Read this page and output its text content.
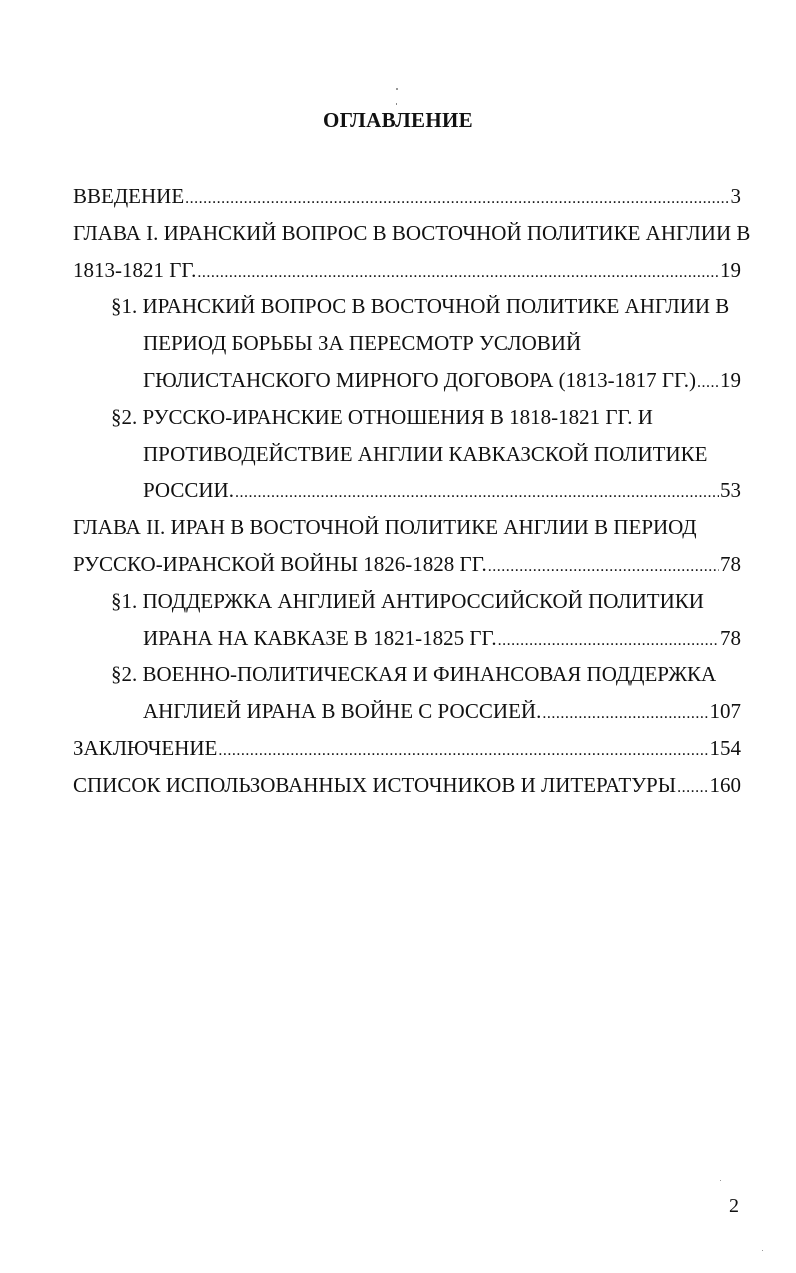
ОГЛАВЛЕНИЕ
ВВЕДЕНИЕ .....	3
ГЛАВА I. ИРАНСКИЙ ВОПРОС В ВОСТОЧНОЙ ПОЛИТИКЕ АНГЛИИ В
1813-1821 ГГ. .....	19
§1. ИРАНСКИЙ ВОПРОС В ВОСТОЧНОЙ ПОЛИТИКЕ АНГЛИИ В
ПЕРИОД БОРЬБЫ ЗА ПЕРЕСМОТР УСЛОВИЙ
ГЮЛИСТАНСКОГО МИРНОГО ДОГОВОРА (1813-1817 ГГ.) ..... 19
§2. РУССКО-ИРАНСКИЕ ОТНОШЕНИЯ В 1818-1821 ГГ. И
ПРОТИВОДЕЙСТВИЕ АНГЛИИ КАВКАЗСКОЙ ПОЛИТИКЕ
РОССИИ. .....	53
ГЛАВА II. ИРАН В ВОСТОЧНОЙ ПОЛИТИКЕ АНГЛИИ В ПЕРИОД
РУССКО-ИРАНСКОЙ ВОЙНЫ 1826-1828 ГГ. .....	78
§1. ПОДДЕРЖКА АНГЛИЕЙ АНТИРОССИЙСКОЙ ПОЛИТИКИ
ИРАНА НА КАВКАЗЕ В 1821-1825 ГГ. .....	78
§2. ВОЕННО-ПОЛИТИЧЕСКАЯ И ФИНАНСОВАЯ ПОДДЕРЖКА
АНГЛИЕЙ ИРАНА В ВОЙНЕ С РОССИЕЙ. .....	107
ЗАКЛЮЧЕНИЕ .....	154
СПИСОК ИСПОЛЬЗОВАННЫХ ИСТОЧНИКОВ И ЛИТЕРАТУРЫ ..... 160
2
